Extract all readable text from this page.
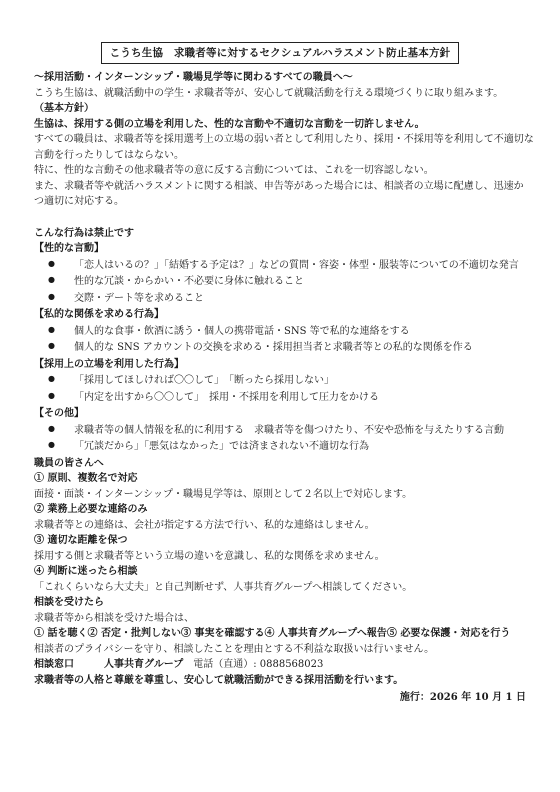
こうち生協　求職者等に対するセクシュアルハラスメント防止基本方針

〜採用活動・インターンシップ・職場見学等に関わるすべての職員へ〜

こうち生協は、就職活動中の学生・求職者等が、安心して就職活動を行える環境づくりに取り組みます。

（基本方針）

生協は、採用する側の立場を利用した、性的な言動や不適切な言動を一切許しません。

すべての職員は、求職者等を採用選考上の立場の弱い者として利用したり、採用・不採用等を利用して不適切な

言動を行ったりしてはならない。

特に、性的な言動その他求職者等の意に反する言動については、これを一切容認しない。

また、求職者等や就活ハラスメントに関する相談、申告等があった場合には、相談者の立場に配慮し、迅速か

つ適切に対応する。

こんな行為は禁止です

【性的な言動】

● 「恋人はいるの？」「結婚する予定は？」などの質問・容姿・体型・服装等についての不適切な発言
● 性的な冗談・からかい・不必要に身体に触れること
● 交際・デート等を求めること

【私的な関係を求める行為】

● 個人的な食事・飲酒に誘う・個人の携帯電話・SNS 等で私的な連絡をする
● 個人的な SNS アカウントの交換を求める・採用担当者と求職者等との私的な関係を作る

【採用上の立場を利用した行為】

● 「採用してほしければ〇〇して」　「断ったら採用しない」
● 「内定を出すから〇〇して」　採用・不採用を利用して圧力をかける

【その他】

● 求職者等の個人情報を私的に利用する　求職者等を傷つけたり、不安や恐怖を与えたりする言動
● 「冗談だから」「悪気はなかった」では済まされない不適切な行為

職員の皆さんへ

① 原則、複数名で対応

面接・面談・インターンシップ・職場見学等は、原則として２名以上で対応します。

② 業務上必要な連絡のみ

求職者等との連絡は、会社が指定する方法で行い、私的な連絡はしません。

③ 適切な距離を保つ

採用する側と求職者等という立場の違いを意識し、私的な関係を求めません。

④ 判断に迷ったら相談

「これくらいなら大丈夫」と自己判断せず、人事共育グループへ相談してください。

相談を受けたら

求職者等から相談を受けた場合は、

① 話を聴く② 否定・批判しない③ 事実を確認する④ 人事共育グループへ報告⑤ 必要な保護・対応を行う

相談者のプライバシーを守り、相談したことを理由とする不利益な取扱いは行いません。

相談窓口　　　	人事共育グループ　 電話（直通）: 0888568023

求職者等の人格と尊厳を尊重し、安心して就職活動ができる採用活動を行います。

施行：2026 年 10 月 1 日
